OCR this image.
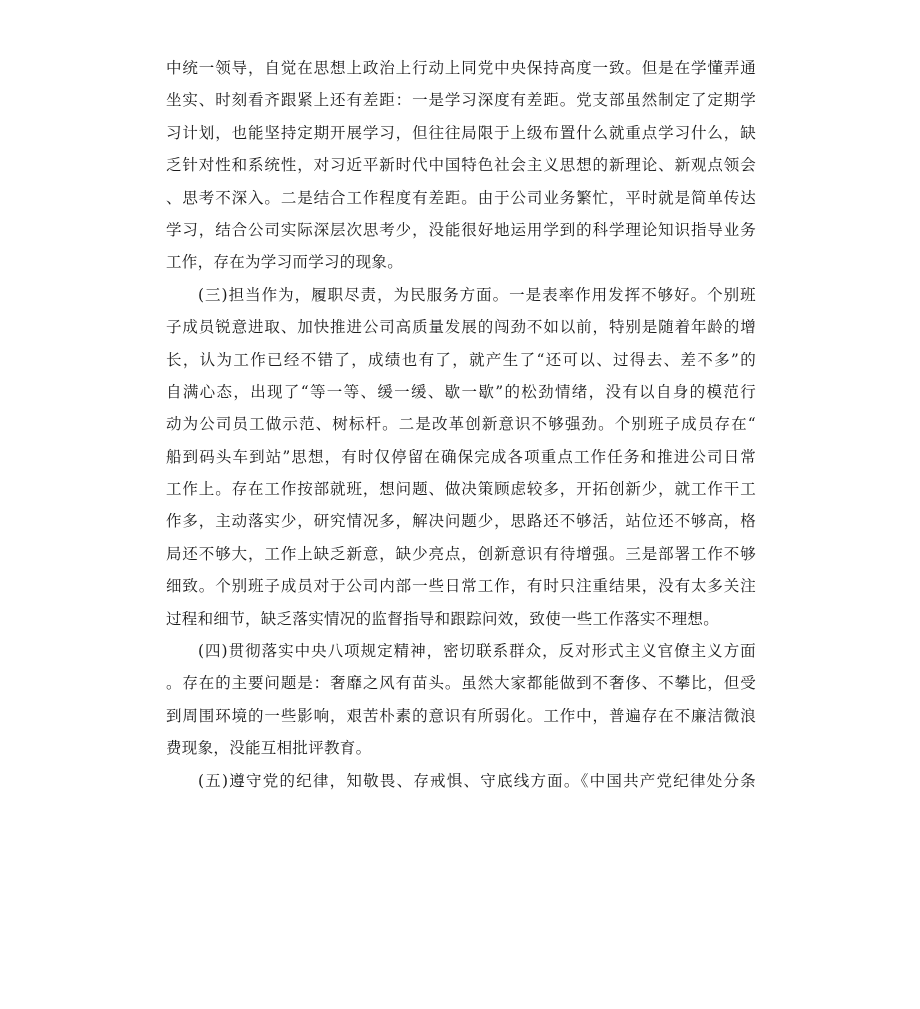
中统一领导，自觉在思想上政治上行动上同党中央保持高度一致。但是在学懂弄通
坐实、时刻看齐跟紧上还有差距：一是学习深度有差距。党支部虽然制定了定期学
习计划，也能坚持定期开展学习，但往往局限于上级布置什么就重点学习什么，缺
乏针对性和系统性，对习近平新时代中国特色社会主义思想的新理论、新观点领会
、思考不深入。二是结合工作程度有差距。由于公司业务繁忙，平时就是简单传达
学习，结合公司实际深层次思考少，没能很好地运用学到的科学理论知识指导业务
工作，存在为学习而学习的现象。
(三)担当作为，履职尽责，为民服务方面。一是表率作用发挥不够好。个别班
子成员锐意进取、加快推进公司高质量发展的闯劲不如以前，特别是随着年龄的增
长，认为工作已经不错了，成绩也有了，就产生了“还可以、过得去、差不多”的
自满心态，出现了“等一等、缓一缓、歇一歇”的松劲情绪，没有以自身的模范行
动为公司员工做示范、树标杆。二是改革创新意识不够强劲。个别班子成员存在“
船到码头车到站”思想，有时仅停留在确保完成各项重点工作任务和推进公司日常
工作上。存在工作按部就班，想问题、做决策顾虑较多，开拓创新少，就工作干工
作多，主动落实少，研究情况多，解决问题少，思路还不够活，站位还不够高，格
局还不够大，工作上缺乏新意，缺少亮点，创新意识有待增强。三是部署工作不够
细致。个别班子成员对于公司内部一些日常工作，有时只注重结果，没有太多关注
过程和细节，缺乏落实情况的监督指导和跟踪问效，致使一些工作落实不理想。
(四)贯彻落实中央八项规定精神，密切联系群众，反对形式主义官僚主义方面
。存在的主要问题是：奢靡之风有苗头。虽然大家都能做到不奢侈、不攀比，但受
到周围环境的一些影响，艰苦朴素的意识有所弱化。工作中，普遍存在不廉洁微浪
费现象，没能互相批评教育。
(五)遵守党的纪律，知敬畏、存戒惧、守底线方面。《中国共产党纪律处分条
